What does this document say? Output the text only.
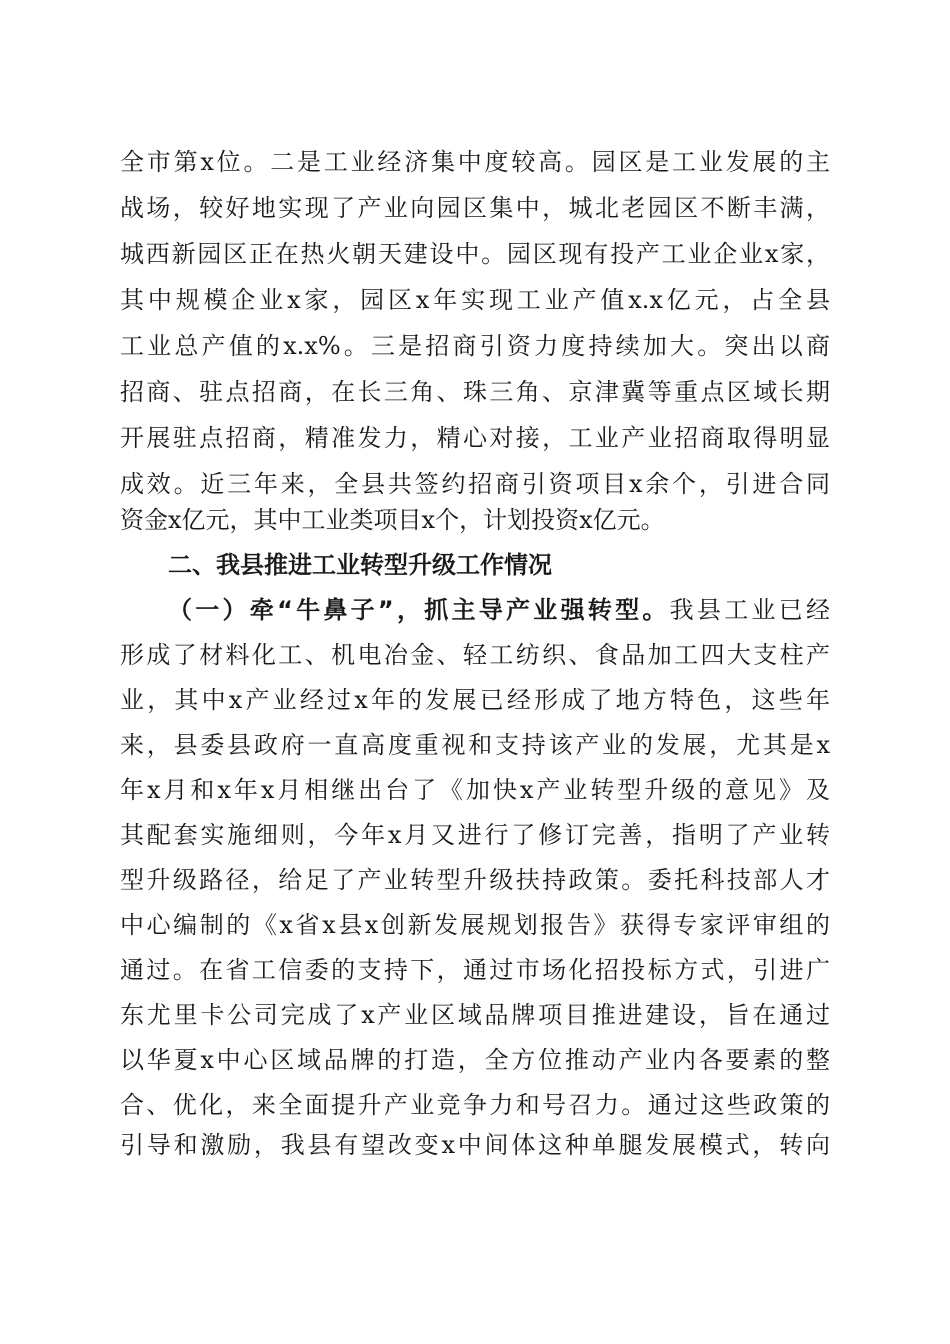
全市第x位。二是工业经济集中度较高。园区是工业发展的主
战场，较好地实现了产业向园区集中，城北老园区不断丰满，
城西新园区正在热火朝天建设中。园区现有投产工业企业x家，
其中规模企业x家，园区x年实现工业产值x.x亿元，占全县
工业总产值的x.x%。三是招商引资力度持续加大。突出以商
招商、驻点招商，在长三角、珠三角、京津冀等重点区域长期
开展驻点招商，精准发力，精心对接，工业产业招商取得明显
成效。近三年来，全县共签约招商引资项目x余个，引进合同
资金x亿元，其中工业类项目x个，计划投资x亿元。
二、我县推进工业转型升级工作情况
（一）牵“牛鼻子”，抓主导产业强转型。我县工业已经
形成了材料化工、机电冶金、轻工纺织、食品加工四大支柱产
业，其中x产业经过x年的发展已经形成了地方特色，这些年
来，县委县政府一直高度重视和支持该产业的发展，尤其是x
年x月和x年x月相继出台了《加快x产业转型升级的意见》及
其配套实施细则，今年x月又进行了修订完善，指明了产业转
型升级路径，给足了产业转型升级扶持政策。委托科技部人才
中心编制的《x省x县x创新发展规划报告》获得专家评审组的
通过。在省工信委的支持下，通过市场化招投标方式，引进广
东尤里卡公司完成了x产业区域品牌项目推进建设，旨在通过
以华夏x中心区域品牌的打造，全方位推动产业内各要素的整
合、优化，来全面提升产业竞争力和号召力。通过这些政策的
引导和激励，我县有望改变x中间体这种单腿发展模式，转向
